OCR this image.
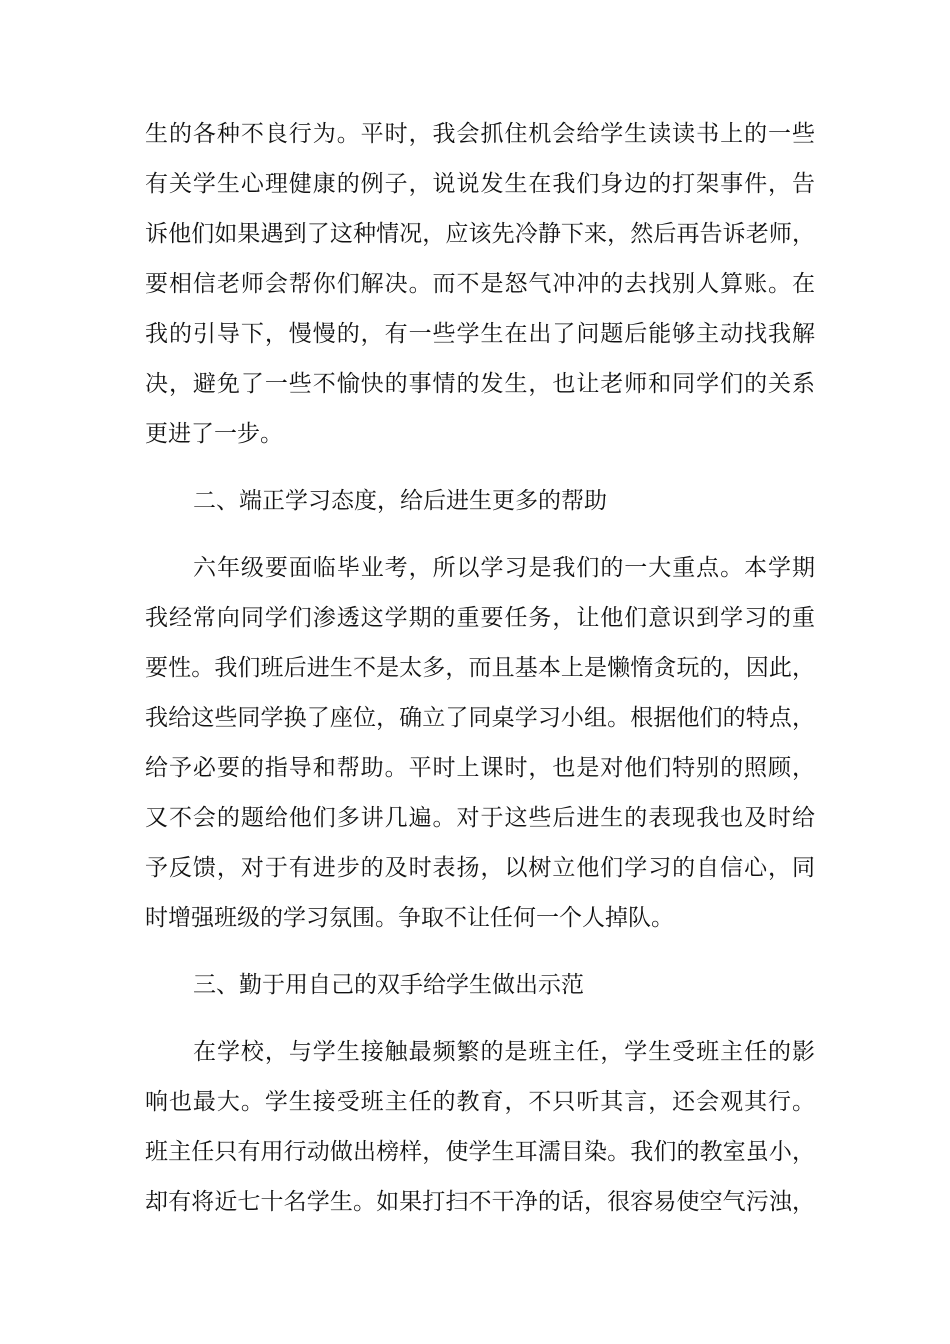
生的各种不良行为。平时，我会抓住机会给学生读读书上的一些
有关学生心理健康的例子，说说发生在我们身边的打架事件，告
诉他们如果遇到了这种情况，应该先冷静下来，然后再告诉老师，
要相信老师会帮你们解决。而不是怒气冲冲的去找别人算账。在
我的引导下，慢慢的，有一些学生在出了问题后能够主动找我解
决，避免了一些不愉快的事情的发生，也让老师和同学们的关系
更进了一步。
二、端正学习态度，给后进生更多的帮助
六年级要面临毕业考，所以学习是我们的一大重点。本学期
我经常向同学们渗透这学期的重要任务，让他们意识到学习的重
要性。我们班后进生不是太多，而且基本上是懒惰贪玩的，因此，
我给这些同学换了座位，确立了同桌学习小组。根据他们的特点，
给予必要的指导和帮助。平时上课时，也是对他们特别的照顾，
又不会的题给他们多讲几遍。对于这些后进生的表现我也及时给
予反馈，对于有进步的及时表扬，以树立他们学习的自信心，同
时增强班级的学习氛围。争取不让任何一个人掉队。
三、勤于用自己的双手给学生做出示范
在学校，与学生接触最频繁的是班主任，学生受班主任的影
响也最大。学生接受班主任的教育，不只听其言，还会观其行。
班主任只有用行动做出榜样，使学生耳濡目染。我们的教室虽小，
却有将近七十名学生。如果打扫不干净的话，很容易使空气污浊，
